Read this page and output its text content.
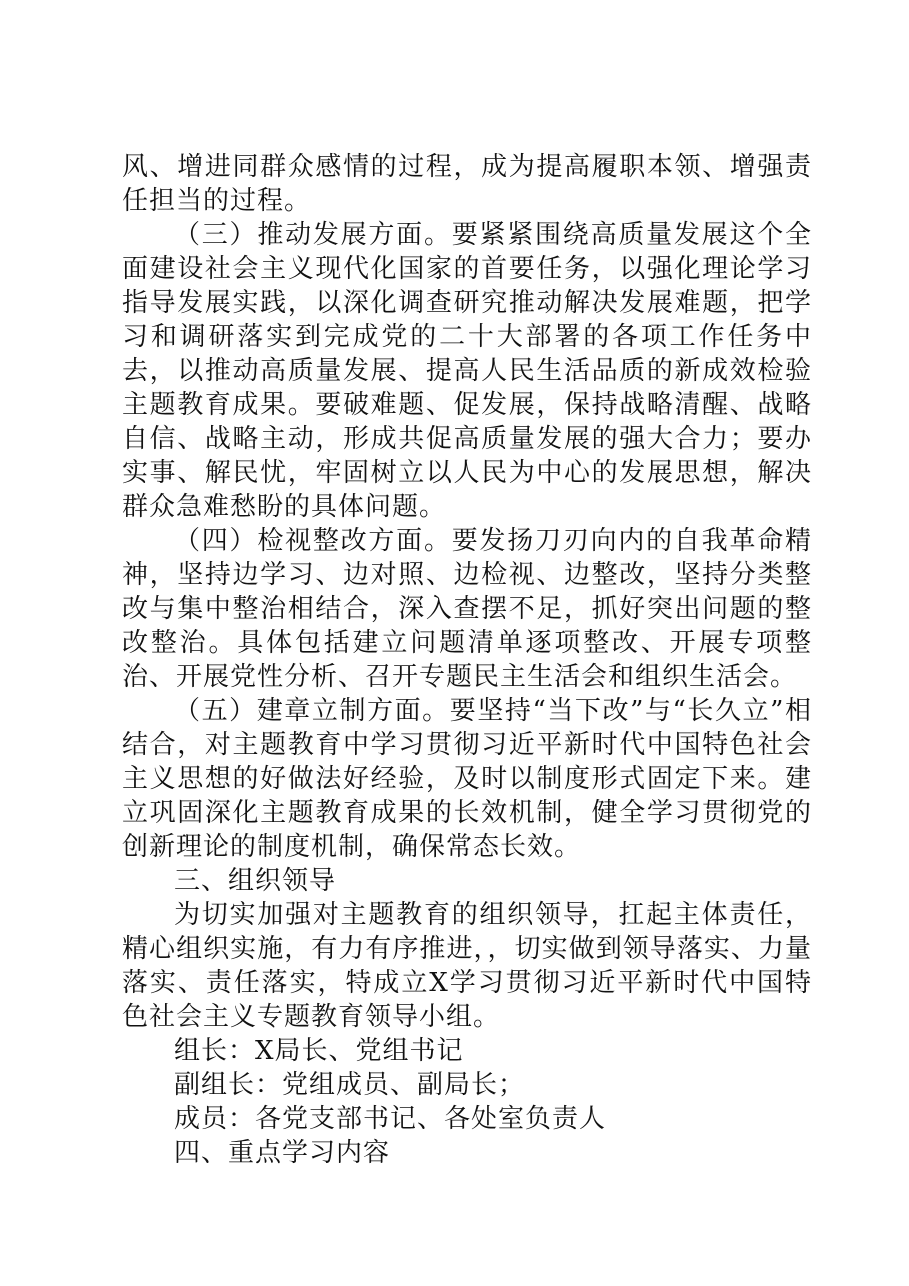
风、增进同群众感情的过程，成为提高履职本领、增强责任担当的过程。

（三）推动发展方面。要紧紧围绕高质量发展这个全面建设社会主义现代化国家的首要任务，以强化理论学习指导发展实践，以深化调查研究推动解决发展难题，把学习和调研落实到完成党的二十大部署的各项工作任务中去，以推动高质量发展、提高人民生活品质的新成效检验主题教育成果。要破难题、促发展，保持战略清醒、战略自信、战略主动，形成共促高质量发展的强大合力；要办实事、解民忧，牢固树立以人民为中心的发展思想，解决群众急难愁盼的具体问题。

（四）检视整改方面。要发扬刀刃向内的自我革命精神，坚持边学习、边对照、边检视、边整改，坚持分类整改与集中整治相结合，深入查摆不足，抓好突出问题的整改整治。具体包括建立问题清单逐项整改、开展专项整治、开展党性分析、召开专题民主生活会和组织生活会。

（五）建章立制方面。要坚持“当下改”与“长久立”相结合，对主题教育中学习贯彻习近平新时代中国特色社会主义思想的好做法好经验，及时以制度形式固定下来。建立巩固深化主题教育成果的长效机制，健全学习贯彻党的创新理论的制度机制，确保常态长效。

三、组织领导

为切实加强对主题教育的组织领导，扛起主体责任，精心组织实施，有力有序推进，，切实做到领导落实、力量落实、责任落实，特成立X学习贯彻习近平新时代中国特色社会主义专题教育领导小组。

组长：X局长、党组书记

副组长：党组成员、副局长；

成员：各党支部书记、各处室负责人

四、重点学习内容
